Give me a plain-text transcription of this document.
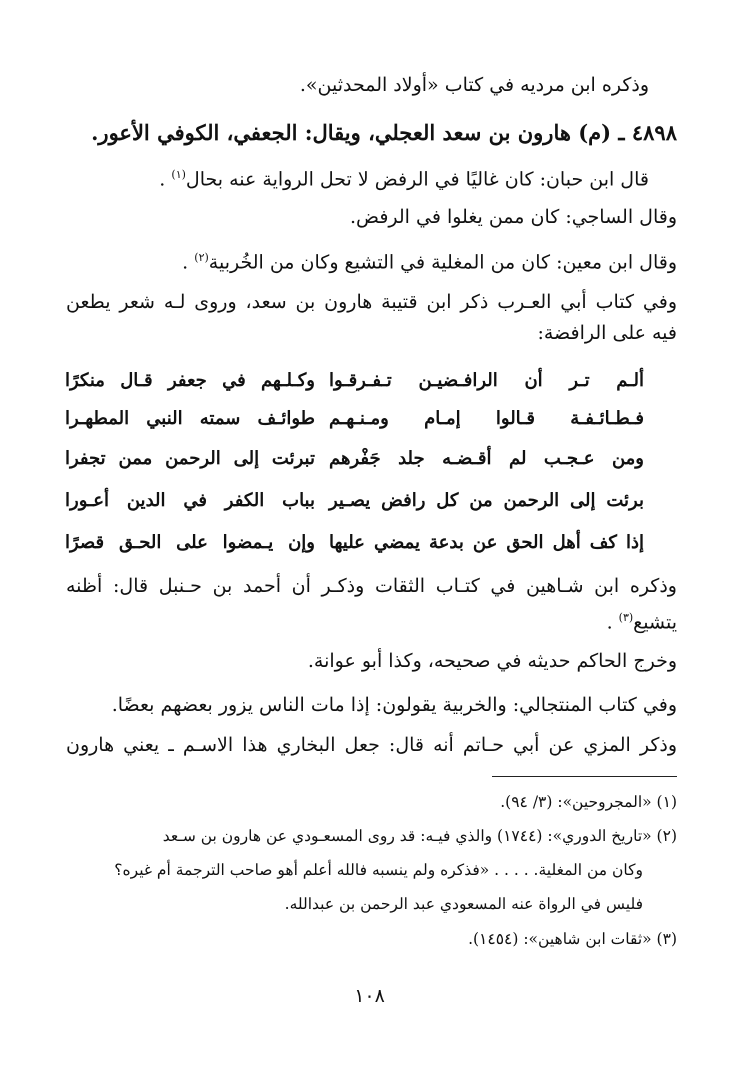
وذكره ابن مرديه في كتاب «أولاد المحدثين».
٤٨٩٨ ـ (م) هارون بن سعد العجلي، ويقال: الجعفي، الكوفي الأعور.
قال ابن حبان: كان غاليًا في الرفض لا تحل الرواية عنه بحال$^{(١)}$ .
وقال الساجي: كان ممن يغلوا في الرفض.
وقال ابن معين: كان من المغلية في التشيع وكان من الخُربية$^{(٢)}$ .
وفي كتاب أبي العـرب ذكر ابن قتيبة هارون بن سعد، وروى لـه شعر يطعن
فيه على الرافضة:
ألـم تـر أن الرافـضيـن تـفـرقـوا
وكـلـهم في جعفر قـال منكرًا
فـطـائـفـة قـالوا إمـام ومـنـهـم
طوائـف سمته النبي المطهـرا
ومن عـجـب لم أقـضـه جلد جَفْرهم
تبرئت إلى الرحمن ممن تجفرا
برئت إلى الرحمن من كل رافض يصـير
بباب الكفر في الدين أعـورا
إذا كف أهل الحق عن بدعة يمضي عليها
وإن يـمضوا على الحـق قصرًا
وذكره ابن شـاهين في كتـاب الثقات وذكـر أن أحمد بن حـنبل قال: أظنه
يتشيع$^{(٣)}$ .
وخرج الحاكم حديثه في صحيحه، وكذا أبو عوانة.
وفي كتاب المنتجالي: والخربية يقولون: إذا مات الناس يزور بعضهم بعضًا.
وذكر المزي عن أبي حـاتم أنه قال: جعل البخاري هذا الاسـم ـ يعني هارون
(١) «المجروحين»: (٣/ ٩٤).
(٢) «تاريخ الدوري»: (١٧٤٤) والذي فيـه: قد روى المسعـودي عن هارون بن سـعد
وكان من المغلية. . . . . «فذكره ولم ينسبه فالله أعلم أهو صاحب الترجمة أم غيره؟
فليس في الرواة عنه المسعودي عبد الرحمن بن عبدالله.
(٣) «ثقات ابن شاهين»: (١٤٥٤).
١٠٨
